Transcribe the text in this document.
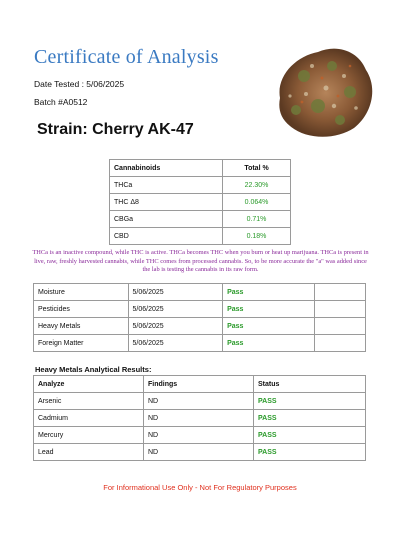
Certificate of Analysis
Date Tested : 5/06/2025
Batch #A0512
Strain: Cherry AK-47
Cannabinoids	Total %
THCa	22.30%
THC Δ8	0.064%
CBGa	0.71%
CBD	0.18%
THCa is an inactive compound, while THC is active. THCa becomes THC when you burn or heat up marijuana. THCa is present in live, raw, freshly harvested cannabis, while THC comes from processed cannabis. So, to be more accurate the "a" was added since the lab is testing the cannabis in its raw form.
Moisture	5/06/2025	Pass	
Pesticides	5/06/2025	Pass	
Heavy Metals	5/06/2025	Pass	
Foreign Matter	5/06/2025	Pass	
Heavy Metals Analytical Results:
Analyze	Findings	Status
Arsenic	ND	PASS
Cadmium	ND	PASS
Mercury	ND	PASS
Lead	ND	PASS
For Informational Use Only - Not For Regulatory Purposes
